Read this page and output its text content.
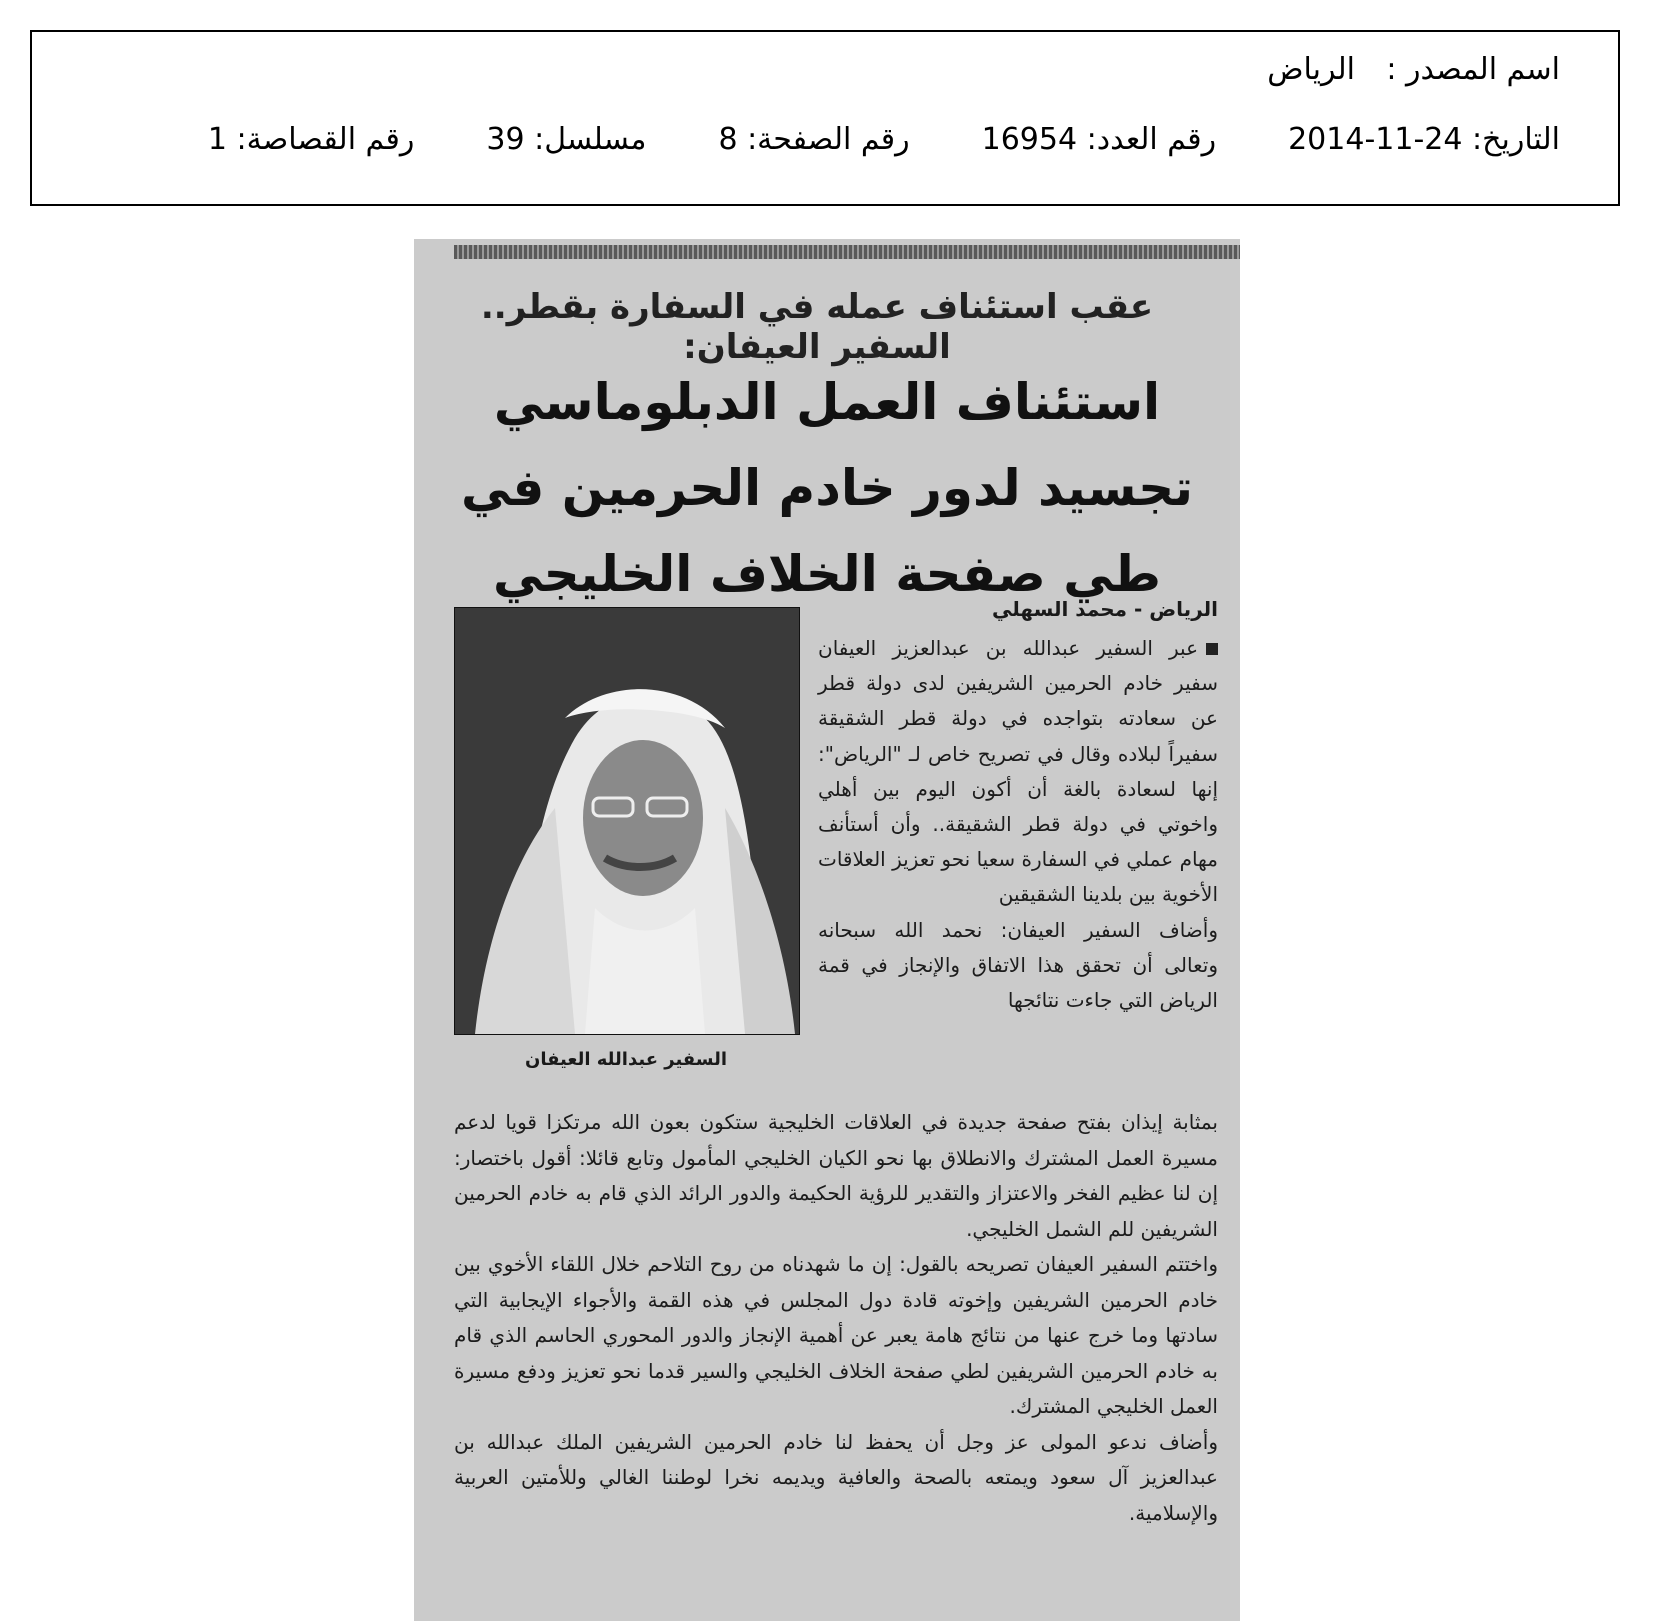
اسم المصدر :
الرياض
التاريخ: 24-11-2014
رقم العدد: 16954
رقم الصفحة: 8
مسلسل: 39
رقم القصاصة: 1
عقب استئناف عمله في السفارة بقطر.. السفير العيفان:
استئناف العمل الدبلوماسي تجسيد لدور خادم الحرمين في طي صفحة الخلاف الخليجي
الرياض - محمد السهلي
السفير عبدالله العيفان

عبر السفير عبدالله بن عبدالعزيز العيفان سفير خادم الحرمين الشريفين لدى دولة قطر عن سعادته بتواجده في دولة قطر الشقيقة سفيراً لبلاده وقال في تصريح خاص لـ "الرياض": إنها لسعادة بالغة أن أكون اليوم بين أهلي واخوتي في دولة قطر الشقيقة.. وأن أستأنف مهام عملي في السفارة سعيا نحو تعزيز العلاقات الأخوية بين بلدينا الشقيقين

وأضاف السفير العيفان: نحمد الله سبحانه وتعالى أن تحقق هذا الاتفاق والإنجاز في قمة الرياض التي جاءت نتائجها

بمثابة إيذان بفتح صفحة جديدة في العلاقات الخليجية ستكون بعون الله مرتكزا قويا لدعم مسيرة العمل المشترك والانطلاق بها نحو الكيان الخليجي المأمول وتابع قائلا: أقول باختصار: إن لنا عظيم الفخر والاعتزاز والتقدير للرؤية الحكيمة والدور الرائد الذي قام به خادم الحرمين الشريفين للم الشمل الخليجي.

واختتم السفير العيفان تصريحه بالقول: إن ما شهدناه من روح التلاحم خلال اللقاء الأخوي بين خادم الحرمين الشريفين وإخوته قادة دول المجلس في هذه القمة والأجواء الإيجابية التي سادتها وما خرج عنها من نتائج هامة يعبر عن أهمية الإنجاز والدور المحوري الحاسم الذي قام به خادم الحرمين الشريفين لطي صفحة الخلاف الخليجي والسير قدما نحو تعزيز ودفع مسيرة العمل الخليجي المشترك.

وأضاف ندعو المولى عز وجل أن يحفظ لنا خادم الحرمين الشريفين الملك عبدالله بن عبدالعزيز آل سعود ويمتعه بالصحة والعافية ويديمه نخرا لوطننا الغالي وللأمتين العربية والإسلامية.
